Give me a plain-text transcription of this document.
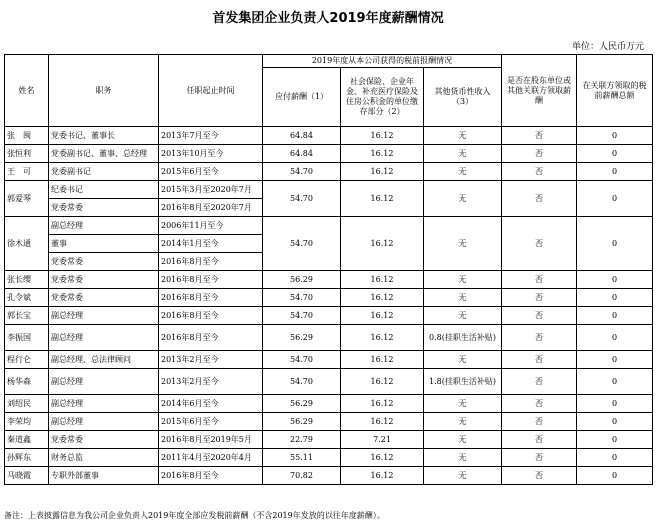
首发集团企业负责人2019年度薪酬情况
单位：人民币万元
姓名	职务	任职起止时间	2019年度从本公司获得的税前报酬情况			是否在股东单位或其他关联方领取薪酬	在关联方领取的税前薪酬总额
			应付薪酬（1）	社会保险、企业年金、补充医疗保险及住房公积金的单位缴存部分（2）	其他货币性收入（3）		
张　闽	党委书记、董事长	2013年7月至今	64.84	16.12	无	否	0
张恒利	党委副书记、董事、总经理	2013年10月至今	64.84	16.12	无	否	0
王　可	党委副书记	2015年6月至今	54.70	16.12	无	否	0
郭爱琴	纪委书记	2015年3月至2020年7月	54.70	16.12	无	否	0
	党委常委	2016年8月至2020年7月					
徐木通	副总经理	2006年11月至今	54.70	16.12	无	否	0
	董事	2014年1月至今					
	党委常委	2016年8月至今					
张长缨	党委常委	2016年8月至今	56.29	16.12	无	否	0
孔令斌	党委常委	2016年8月至今	54.70	16.12	无	否	0
郭长宝	副总经理	2016年8月至今	54.70	16.12	无	否	0
李振国	副总经理	2016年8月至今	56.29	16.12	0.8(挂职生活补贴)	否	0
程行仑	副总经理、总法律顾问	2013年2月至今	54.70	16.12	无	否	0
杨华森	副总经理	2013年2月至今	54.70	16.12	1.8(挂职生活补贴)	否	0
刘绍民	副总经理	2014年6月至今	56.29	16.12	无	否	0
李荣均	副总经理	2015年6月至今	56.29	16.12	无	否	0
秦道鑫	党委常委	2016年8月至2019年5月	22.79	7.21	无	否	0
孙辉东	财务总监	2011年4月至2020年4月	55.11	16.12	无	否	0
马晓霞	专职外部董事	2016年8月至今	70.82	16.12	无	否	0
备注：上表披露信息为我公司企业负责人2019年度全部应发税前薪酬（不含2019年发放的以往年度薪酬）。
